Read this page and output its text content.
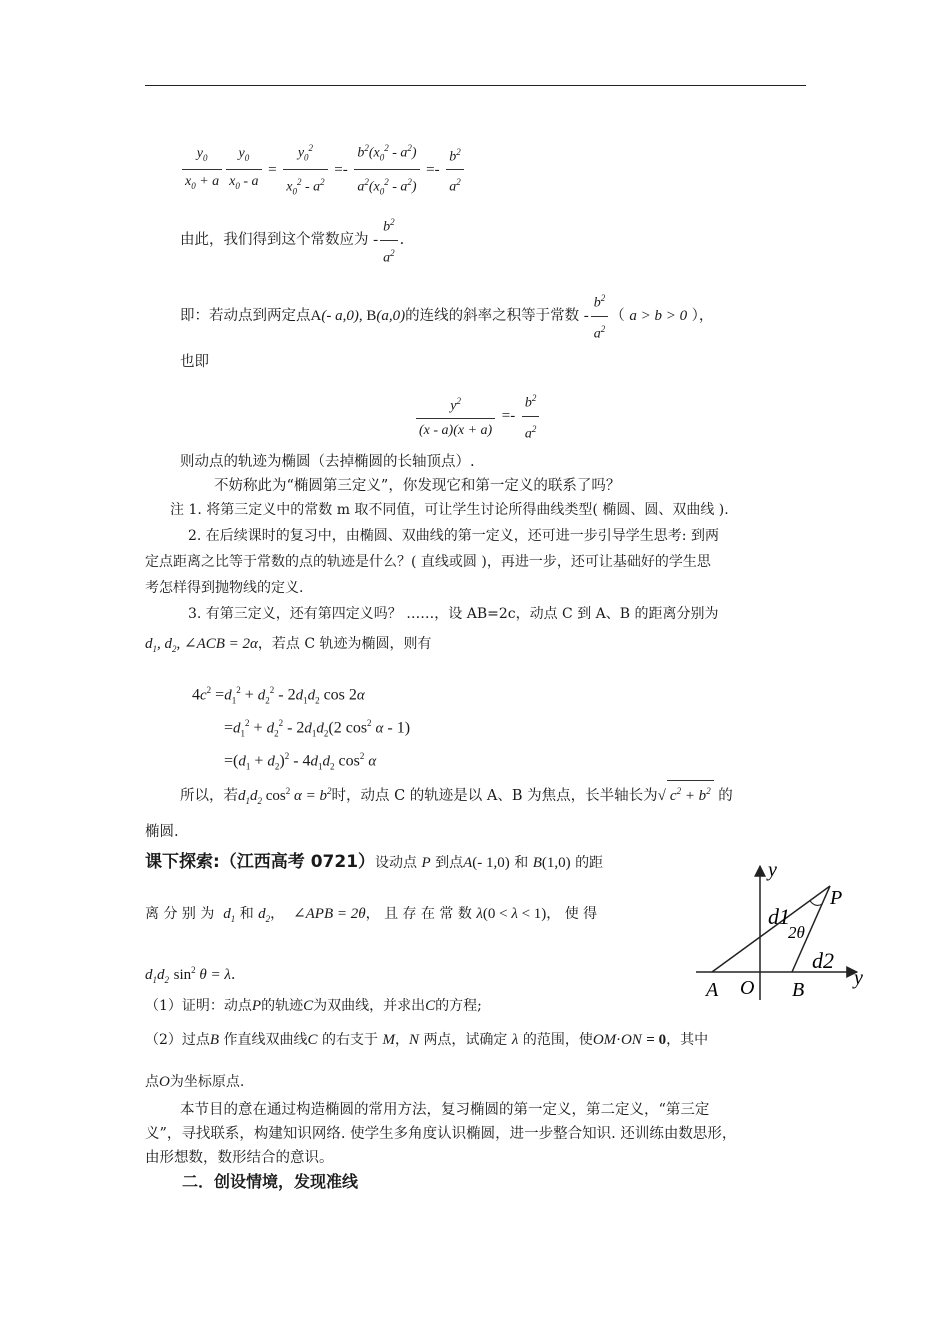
$\frac{y_0}{x_0 + a} \frac{y_0}{x_0 - a} = \frac{y_0^2}{x_0^2 - a^2} =- \frac{b^2(x_0^2 - a^2)}{a^2(x_0^2 - a^2)} =- \frac{b^2}{a^2}$
由此，我们得到这个常数应为 - $\frac{b^2}{a^2}$ .
即：若动点到两定点A(- a,0), B(a,0)的连线的斜率之积等于常数 - $\frac{b^2}{a^2}$ （ a > b > 0 ），
也即
$\frac{y^2}{(x - a)(x + a)} =- \frac{b^2}{a^2}$
则动点的轨迹为椭圆（去掉椭圆的长轴顶点）.
不妨称此为“椭圆第三定义”，你发现它和第一定义的联系了吗？
注 1. 将第三定义中的常数 m 取不同值，可让学生讨论所得曲线类型( 椭圆、圆、双曲线 ).
2. 在后续课时的复习中，由椭圆、双曲线的第一定义，还可进一步引导学生思考: 到两
定点距离之比等于常数的点的轨迹是什么？( 直线或圆 )，再进一步，还可让基础好的学生思
考怎样得到抛物线的定义.
3. 有第三定义，还有第四定义吗？ ……，设 AB=2c，动点 C 到 A、B 的距离分别为
$d_1$, $d_2$, ∠ACB = 2α，若点 C 轨迹为椭圆，则有
$4c^2 =d_1^2 + d_2^2 - 2d_1d_2$ cos 2α
$=d_1^2 + d_2^2 - 2d_1d_2(2$ $\cos^2 \alpha - 1$)
$=(d_1 + d_2)^2 - 4d_1d_2$ $\cos^2 \alpha$
所以，若$d_1d_2$ $\cos^2 \alpha = b^2$时，动点 C 的轨迹是以 A、B 为焦点，长半轴长为√ $c^2 + b^2$ 的
椭圆.
课下探索:（江西高考 0721）设动点 P 到点A(- 1,0) 和 B(1,0) 的距
离 分 别 为 $d_1$ 和 $d_2$， ∠APB = 2θ， 且 存 在 常 数 λ(0 < λ < 1)， 使 得
$d_1d_2$ $\sin^2 \theta = \lambda$.
（1）证明：动点P的轨迹C为双曲线，并求出C的方程;
（2）过点B 作直线双曲线C 的右支于 M，N 两点，试确定 λ 的范围，使OM⋅ON = 0，其中
点O为坐标原点.
y
P
d1
2θ
d2
y
A O B
本节目的意在通过构造椭圆的常用方法，复习椭圆的第一定义，第二定义，“第三定
义”，寻找联系，构建知识网络. 使学生多角度认识椭圆，进一步整合知识. 还训练由数思形，
由形想数，数形结合的意识。
二．创设情境，发现准线
